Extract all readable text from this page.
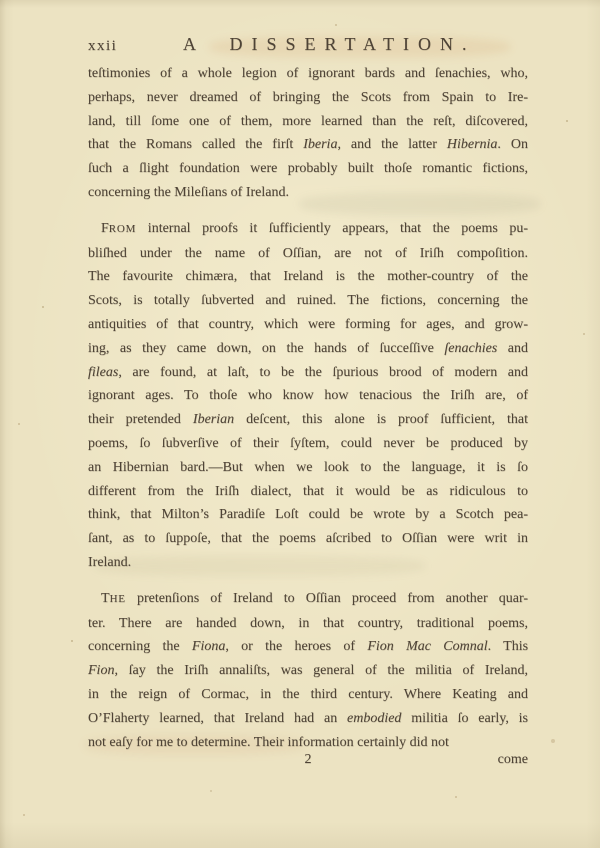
xxii	A DISSERTATION.
teſtimonies of a whole legion of ignorant bards and ſenachies, who,
perhaps, never dreamed of bringing the Scots from Spain to Ire-
land, till ſome one of them, more learned than the reſt, diſcovered,
that the Romans called the firſt Iberia, and the latter Hibernia. On
ſuch a ſlight foundation were probably built thoſe romantic fictions,
concerning the Mileſians of Ireland.
FROM internal proofs it ſufficiently appears, that the poems pu-
bliſhed under the name of Oſſian, are not of Iriſh compoſition.
The favourite chimæra, that Ireland is the mother-country of the
Scots, is totally ſubverted and ruined. The fictions, concerning the
antiquities of that country, which were forming for ages, and grow-
ing, as they came down, on the hands of ſucceſſive ſenachies and
fileas, are found, at laſt, to be the ſpurious brood of modern and
ignorant ages. To thoſe who know how tenacious the Iriſh are, of
their pretended Iberian deſcent, this alone is proof ſufficient, that
poems, ſo ſubverſive of their ſyſtem, could never be produced by
an Hibernian bard.—But when we look to the language, it is ſo
different from the Iriſh dialect, that it would be as ridiculous to
think, that Milton’s Paradiſe Loſt could be wrote by a Scotch pea-
ſant, as to ſuppoſe, that the poems aſcribed to Oſſian were writ in
Ireland.
THE pretenſions of Ireland to Oſſian proceed from another quar-
ter. There are handed down, in that country, traditional poems,
concerning the Fiona, or the heroes of Fion Mac Comnal. This
Fion, ſay the Iriſh annaliſts, was general of the militia of Ireland,
in the reign of Cormac, in the third century. Where Keating and
O’Flaherty learned, that Ireland had an embodied militia ſo early, is
not eaſy for me to determine. Their information certainly did not
2	come
